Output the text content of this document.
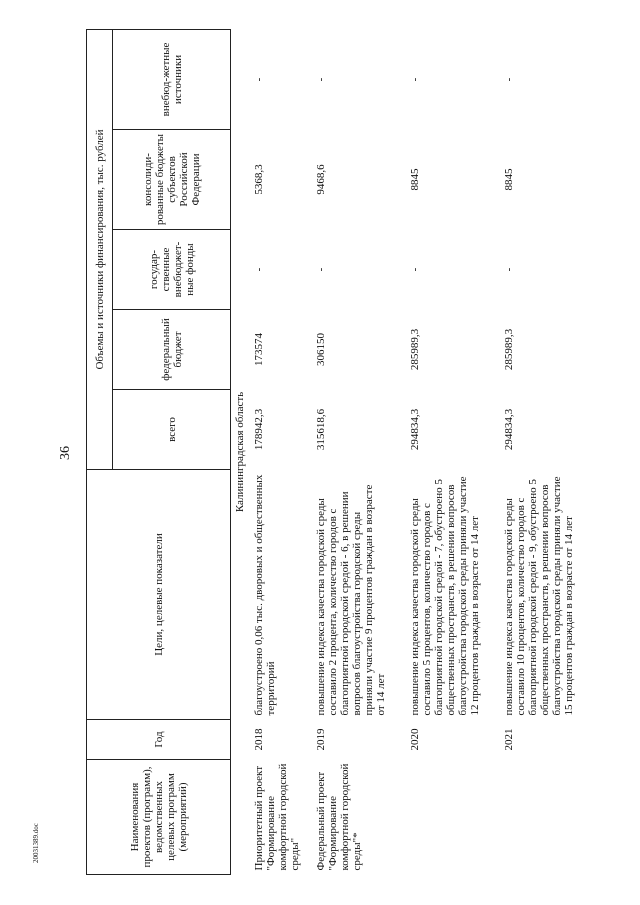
36
20031389.doc	Наименования проектов (программ), ведомственных целевых программ (мероприятий)	Год	Цели, целевые показатели	Объемы и источники финансирования, тыс. рублей				
			всего	федеральный бюджет	государ-ственные внебюджет-ные фонды	консолиди-рованные бюджеты субъектов Российской Федерации	внебюд-жетные источники
Калининградская область							
Приоритетный проект "Формирование комфортной городской среды"	2018	благоустроено 0,06 тыс. дворовых и общественных территорий	178942,3	173574	-	5368,3	-
Федеральный проект "Формирование комфортной городской среды"*	2019	повышение индекса качества городской среды составило 2 процента, количество городов с благоприятной городской средой - 6, в решении вопросов благоустройства городской среды приняли участие 9 процентов граждан в возрасте от 14 лет	315618,6	306150	-	9468,6	-
	2020	повышение индекса качества городской среды составило 5 процентов, количество городов с благоприятной городской средой - 7, обустроено 5 общественных пространств, в решении вопросов благоустройства городской среды приняли участие 12 процентов граждан в возрасте от 14 лет	294834,3	285989,3	-	8845	-
	2021	повышение индекса качества городской среды составило 10 процентов, количество городов с благоприятной городской средой - 9, обустроено 5 общественных пространств, в решении вопросов благоустройства городской среды приняли участие 15 процентов граждан в возрасте от 14 лет	294834,3	285989,3	-	8845	-
